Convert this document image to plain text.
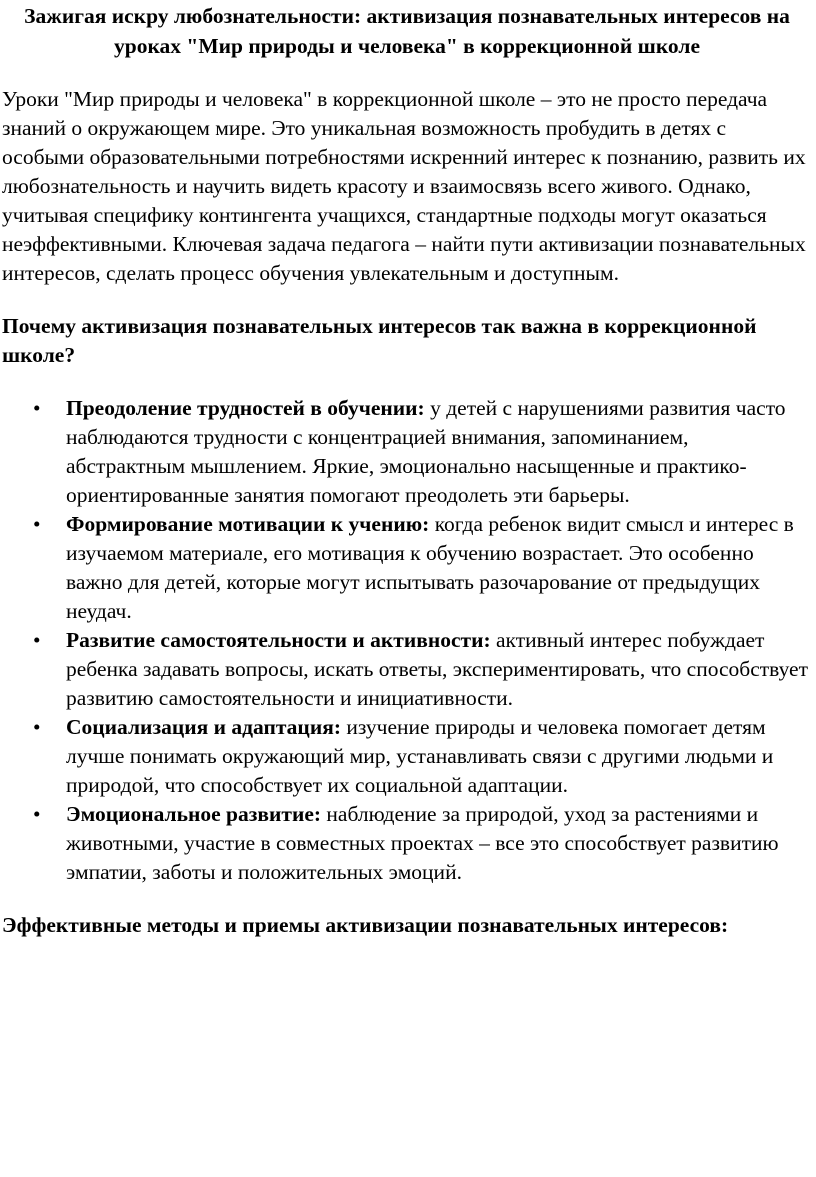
Зажигая искру любознательности: активизация познавательных интересов на уроках "Мир природы и человека" в коррекционной школе

Уроки "Мир природы и человека" в коррекционной школе – это не просто передача знаний о окружающем мире. Это уникальная возможность пробудить в детях с особыми образовательными потребностями искренний интерес к познанию, развить их любознательность и научить видеть красоту и взаимосвязь всего живого. Однако, учитывая специфику контингента учащихся, стандартные подходы могут оказаться неэффективными. Ключевая задача педагога – найти пути активизации познавательных интересов, сделать процесс обучения увлекательным и доступным.

Почему активизация познавательных интересов так важна в коррекционной школе?
• Преодоление трудностей в обучении: у детей с нарушениями развития часто наблюдаются трудности с концентрацией внимания, запоминанием, абстрактным мышлением. Яркие, эмоционально насыщенные и практико-ориентированные занятия помогают преодолеть эти барьеры.
• Формирование мотивации к учению: когда ребенок видит смысл и интерес в изучаемом материале, его мотивация к обучению возрастает. Это особенно важно для детей, которые могут испытывать разочарование от предыдущих неудач.
• Развитие самостоятельности и активности: активный интерес побуждает ребенка задавать вопросы, искать ответы, экспериментировать, что способствует развитию самостоятельности и инициативности.
• Социализация и адаптация: изучение природы и человека помогает детям лучше понимать окружающий мир, устанавливать связи с другими людьми и природой, что способствует их социальной адаптации.
• Эмоциональное развитие: наблюдение за природой, уход за растениями и животными, участие в совместных проектах – все это способствует развитию эмпатии, заботы и положительных эмоций.
Эффективные методы и приемы активизации познавательных интересов:
